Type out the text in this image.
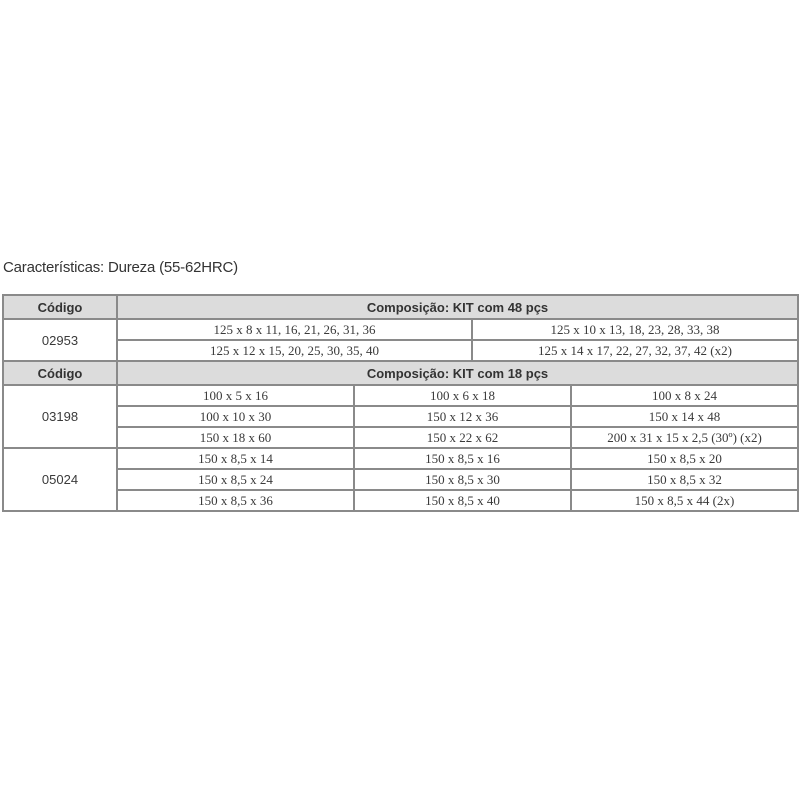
Características: Dureza (55-62HRC)
Código	Composição: KIT com 48 pçs			
02953	125 x 8 x 11, 16, 21, 26, 31, 36		125 x 10 x 13, 18, 23, 28, 33, 38	
	125 x 12 x 15, 20, 25, 30, 35, 40		125 x 14 x 17, 22, 27, 32, 37, 42 (x2)	
Código	Composição: KIT com 18 pçs			
03198	100 x 5 x 16	100 x 6 x 18		100 x 8 x 24
	100 x 10 x 30	150 x 12 x 36		150 x 14 x 48
	150 x 18 x 60	150 x 22 x 62		200 x 31 x 15 x 2,5 (30º) (x2)
05024	150 x 8,5 x 14	150 x 8,5 x 16		150 x 8,5 x 20
	150 x 8,5 x 24	150 x 8,5 x 30		150 x 8,5 x 32
	150 x 8,5 x 36	150 x 8,5 x 40		150 x 8,5 x 44 (2x)
